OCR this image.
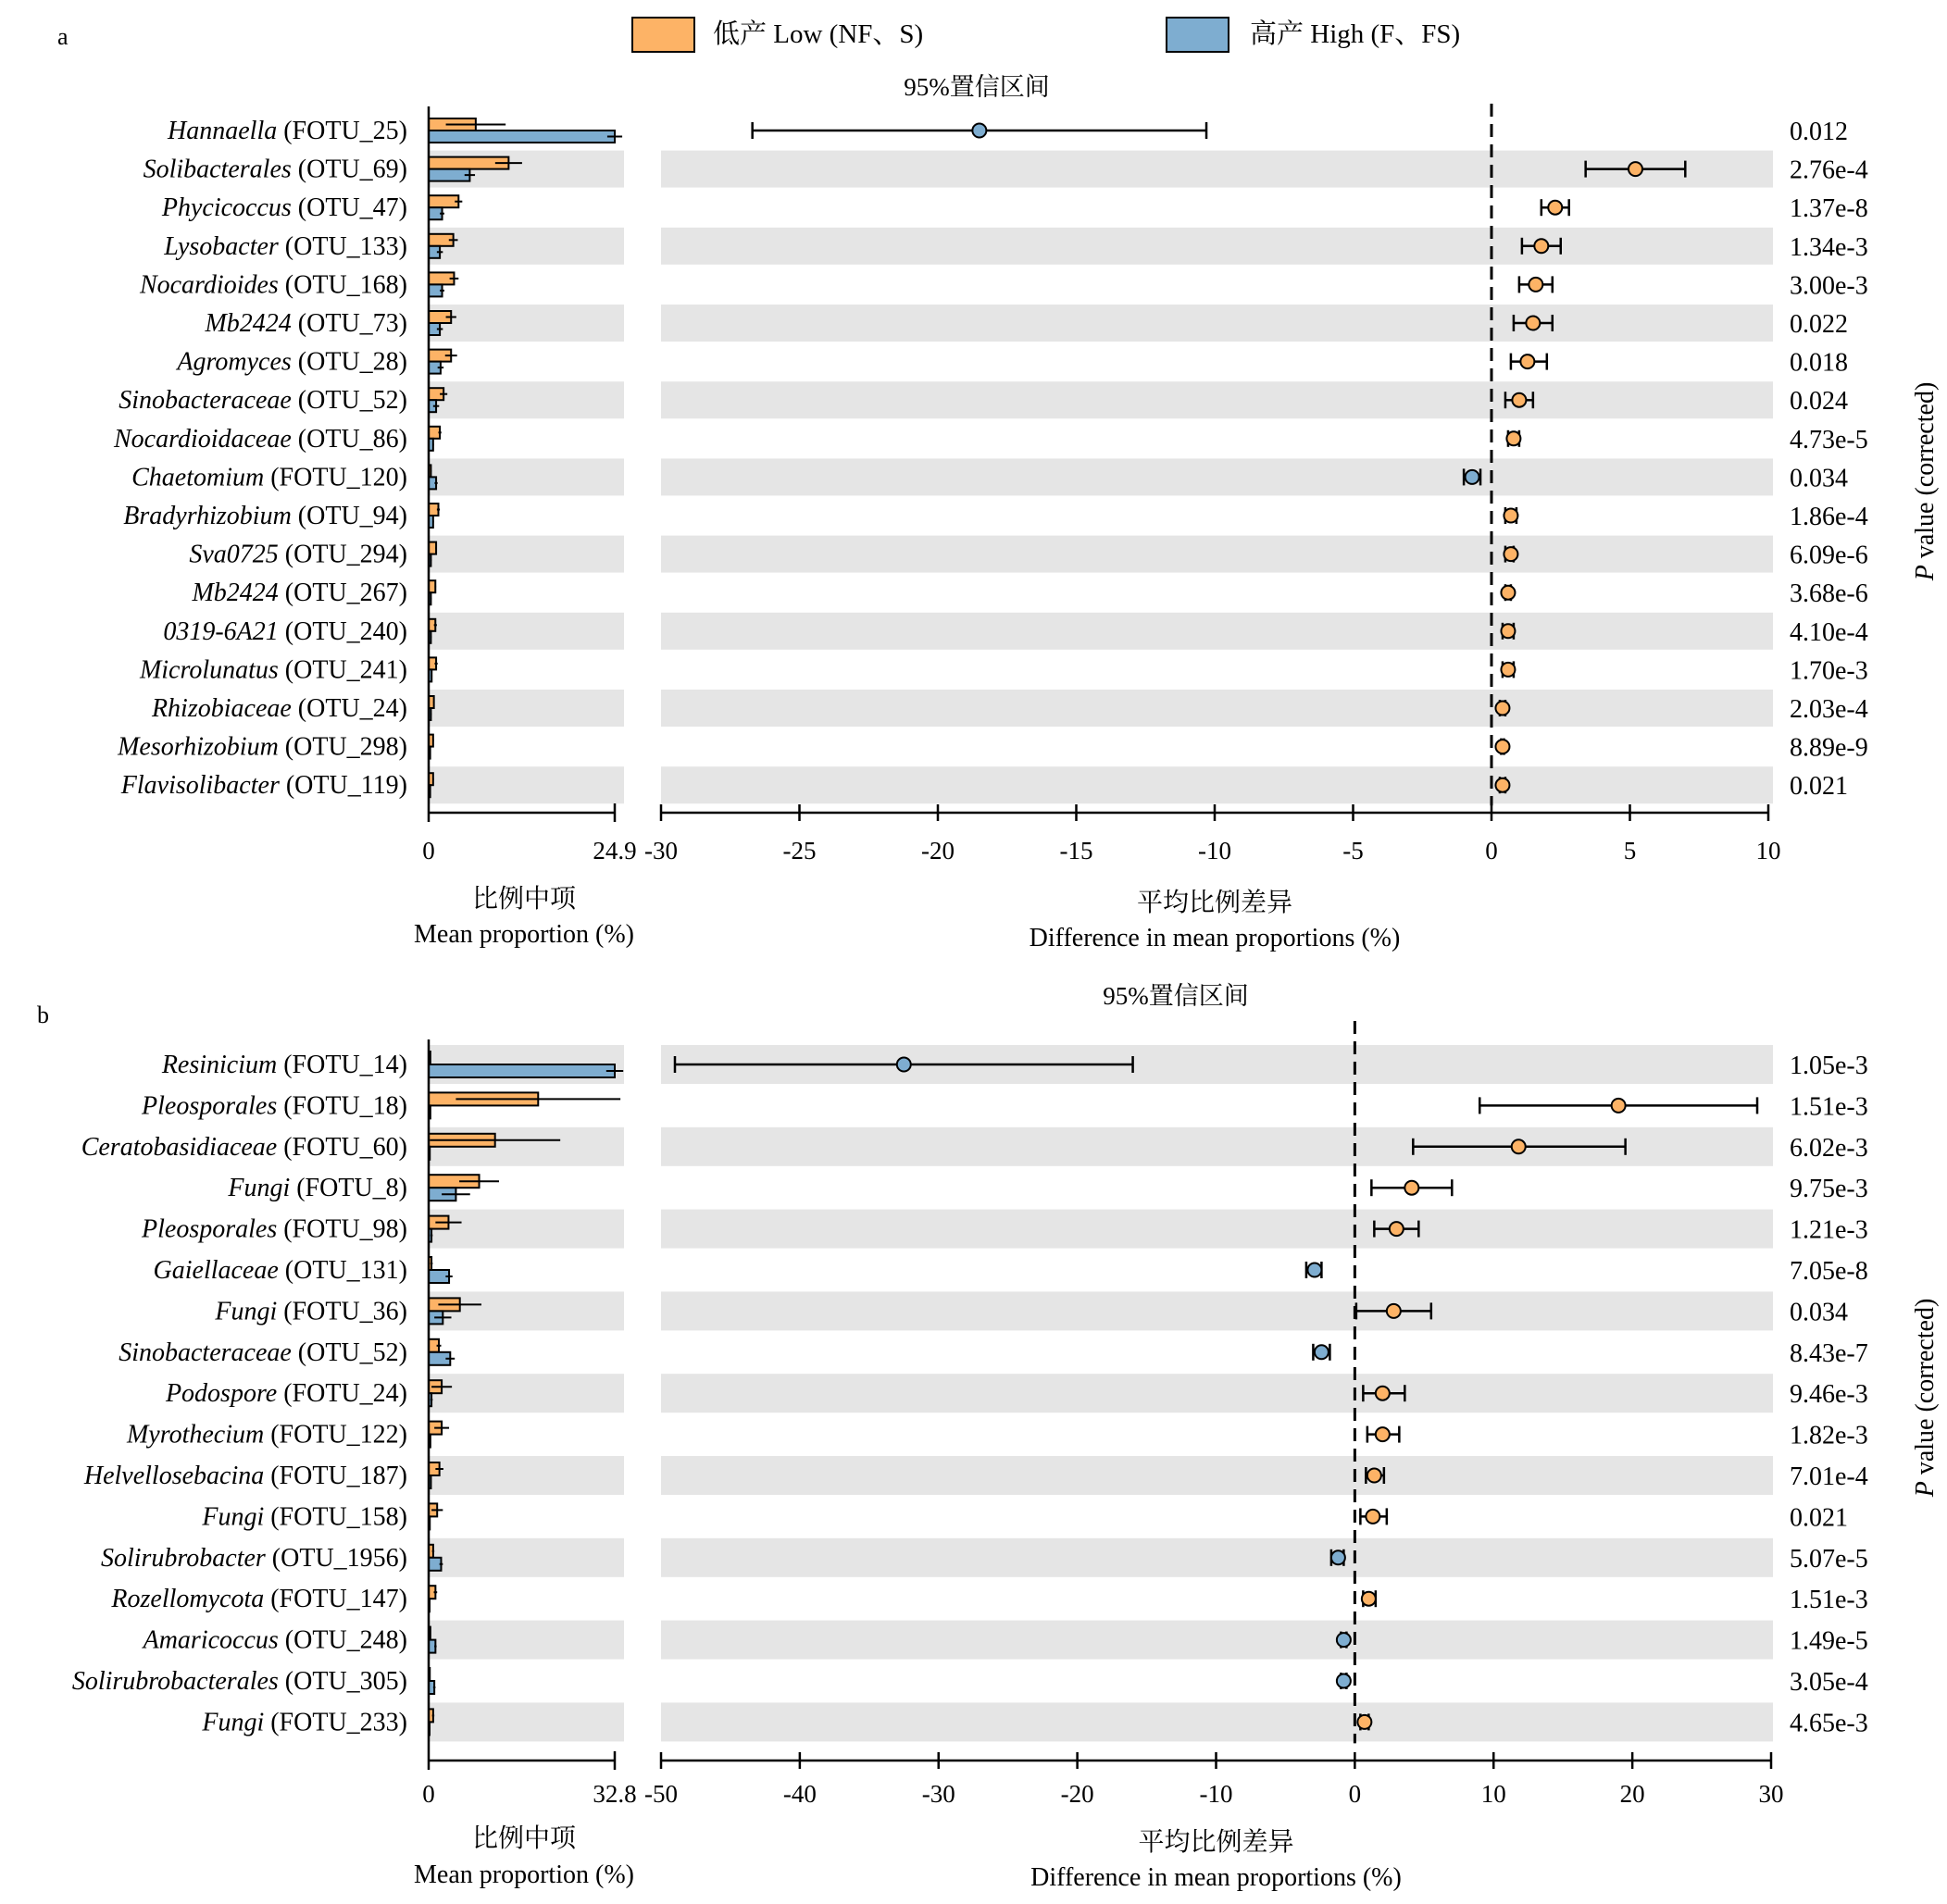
低产 Low (NF、S)	高产 High (F、FS)
a
95%置信区间
Hannaella (FOTU_25)	0.012
Solibacterales (OTU_69)	2.76e-4
Phycicoccus (OTU_47)	1.37e-8
Lysobacter (OTU_133)	1.34e-3
Nocardioides (OTU_168)	3.00e-3
Mb2424 (OTU_73)	0.022
Agromyces (OTU_28)	0.018
Sinobacteraceae (OTU_52)	0.024
Nocardioidaceae (OTU_86)	4.73e-5
Chaetomium (FOTU_120)	0.034
Bradyrhizobium (OTU_94)	1.86e-4
Sva0725 (OTU_294)	6.09e-6
Mb2424 (OTU_267)	3.68e-6
0319-6A21 (OTU_240)	4.10e-4
Microlunatus (OTU_241)	1.70e-3
Rhizobiaceae (OTU_24)	2.03e-4
Mesorhizobium (OTU_298)	8.89e-9
Flavisolibacter (OTU_119)	0.021
0	24.9
比例中项
Mean proportion (%)
-30	-25	-20	-15	-10	-5	0	5	10
平均比例差异
Difference in mean proportions (%)
P value (corrected)
b
95%置信区间
Resinicium (FOTU_14)	1.05e-3
Pleosporales (FOTU_18)	1.51e-3
Ceratobasidiaceae (FOTU_60)	6.02e-3
Fungi (FOTU_8)	9.75e-3
Pleosporales (FOTU_98)	1.21e-3
Gaiellaceae (OTU_131)	7.05e-8
Fungi (FOTU_36)	0.034
Sinobacteraceae (OTU_52)	8.43e-7
Podospore (FOTU_24)	9.46e-3
Myrothecium (FOTU_122)	1.82e-3
Helvellosebacina (FOTU_187)	7.01e-4
Fungi (FOTU_158)	0.021
Solirubrobacter (OTU_1956)	5.07e-5
Rozellomycota (FOTU_147)	1.51e-3
Amaricoccus (OTU_248)	1.49e-5
Solirubrobacterales (OTU_305)	3.05e-4
Fungi (FOTU_233)	4.65e-3
0	32.8
比例中项
Mean proportion (%)
-50	-40	-30	-20	-10	0	10	20	30
平均比例差异
Difference in mean proportions (%)
P value (corrected)
